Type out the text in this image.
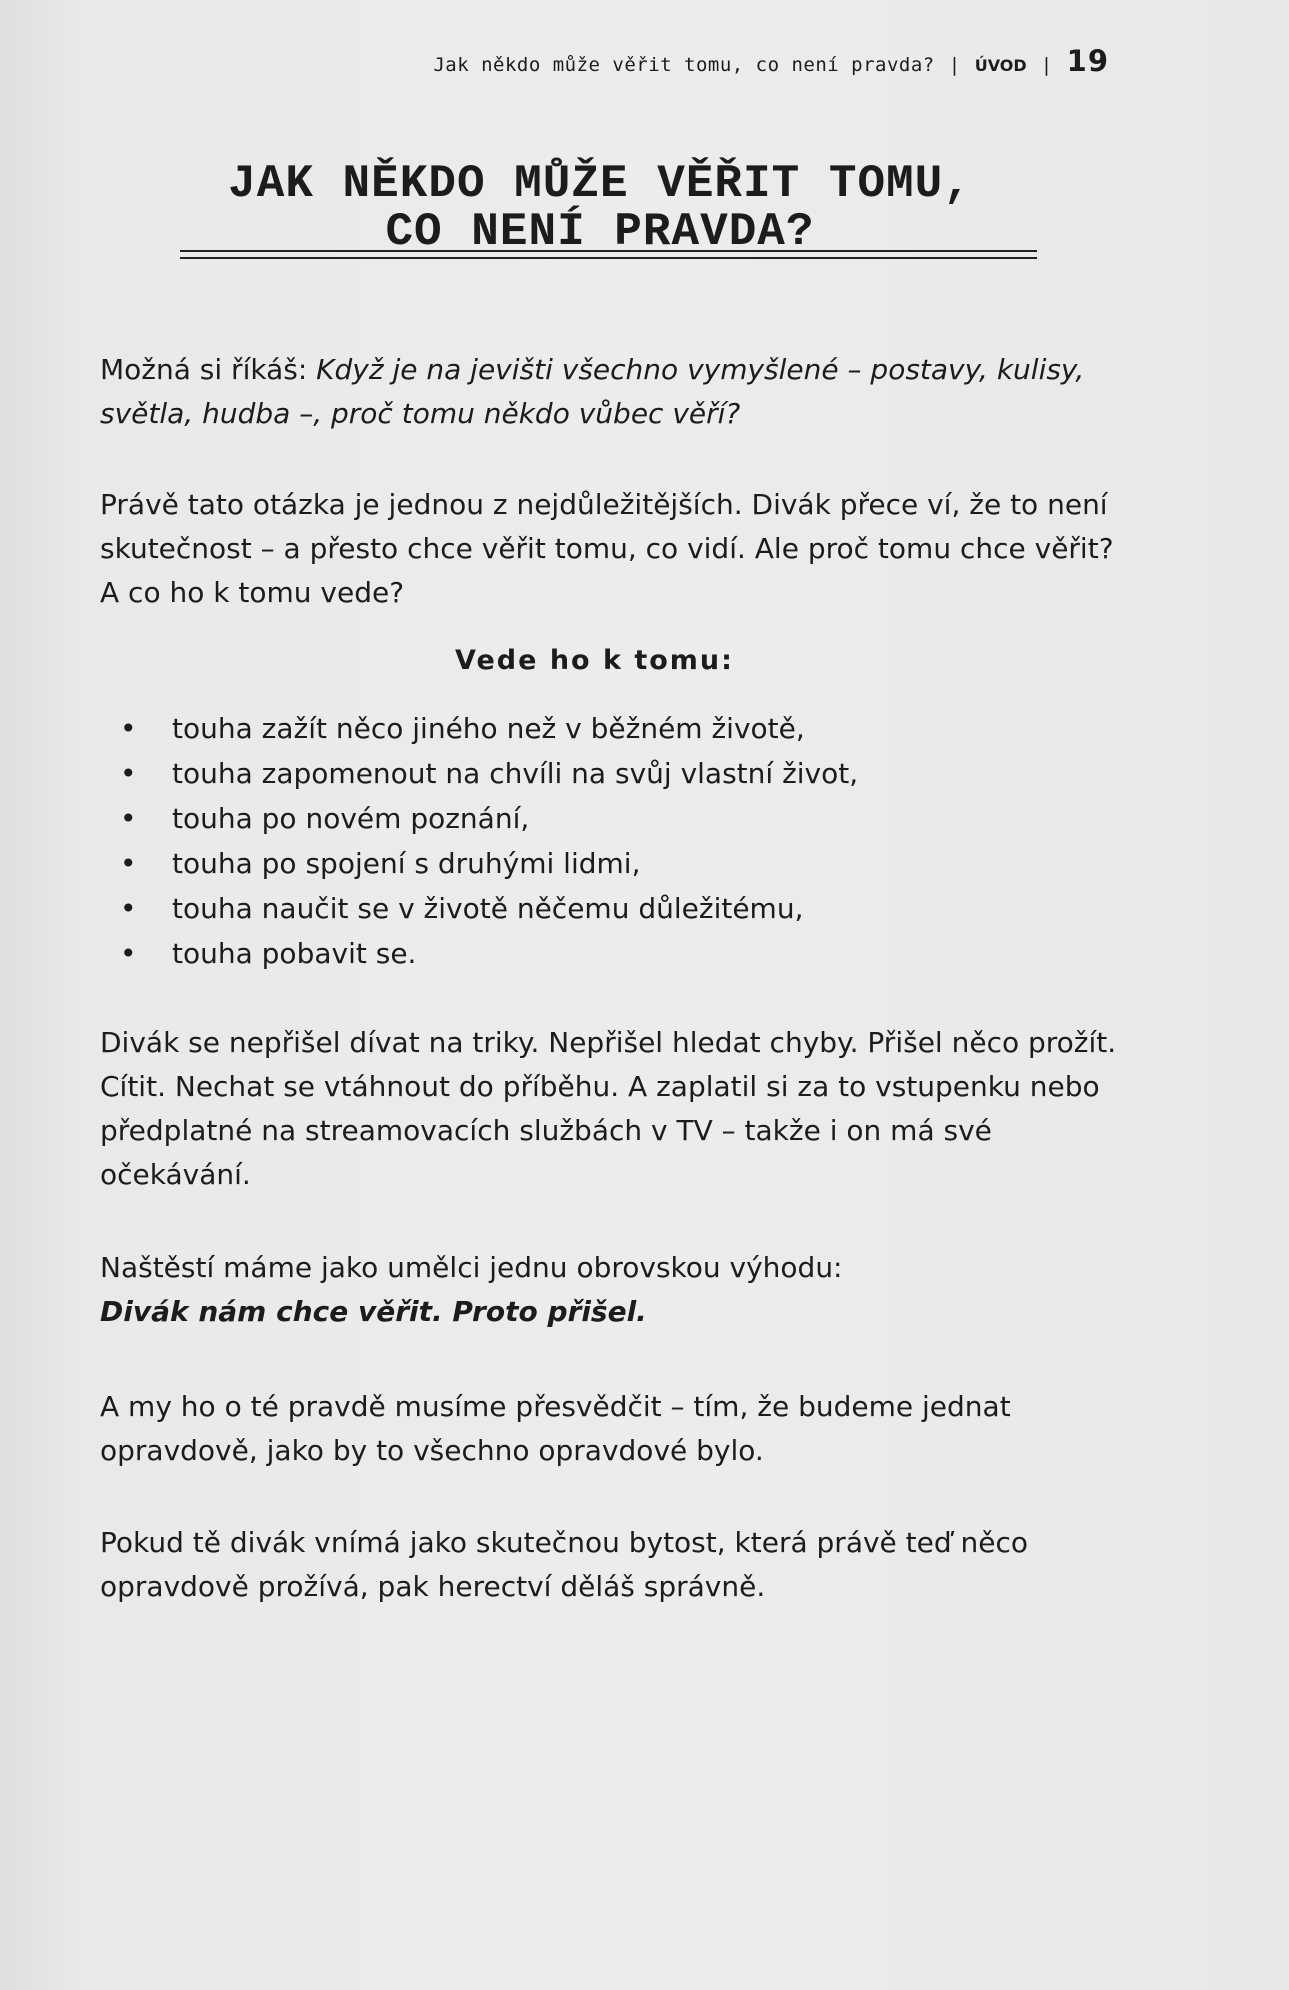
Jak někdo může věřit tomu, co není pravda? | ÚVOD | 19
JAK NĚKDO MŮŽE VĚŘIT TOMU,
CO NENÍ PRAVDA?

Možná si říkáš: Když je na jevišti všechno vymyšlené – postavy, kulisy, světla, hudba –, proč tomu někdo vůbec věří?

Právě tato otázka je jednou z nejdůležitějších. Divák přece ví, že to není skutečnost – a přesto chce věřit tomu, co vidí. Ale proč tomu chce věřit? A co ho k tomu vede?

Vede ho k tomu:
• touha zažít něco jiného než v běžném životě,
• touha zapomenout na chvíli na svůj vlastní život,
• touha po novém poznání,
• touha po spojení s druhými lidmi,
• touha naučit se v životě něčemu důležitému,
• touha pobavit se.

Divák se nepřišel dívat na triky. Nepřišel hledat chyby. Přišel něco prožít. Cítit. Nechat se vtáhnout do příběhu. A zaplatil si za to vstupenku nebo předplatné na streamovacích službách v TV – takže i on má své očekávání.

Naštěstí máme jako umělci jednu obrovskou výhodu:
Divák nám chce věřit. Proto přišel.

A my ho o té pravdě musíme přesvědčit – tím, že budeme jednat opravdově, jako by to všechno opravdové bylo.

Pokud tě divák vnímá jako skutečnou bytost, která právě teď něco opravdově prožívá, pak herectví děláš správně.
